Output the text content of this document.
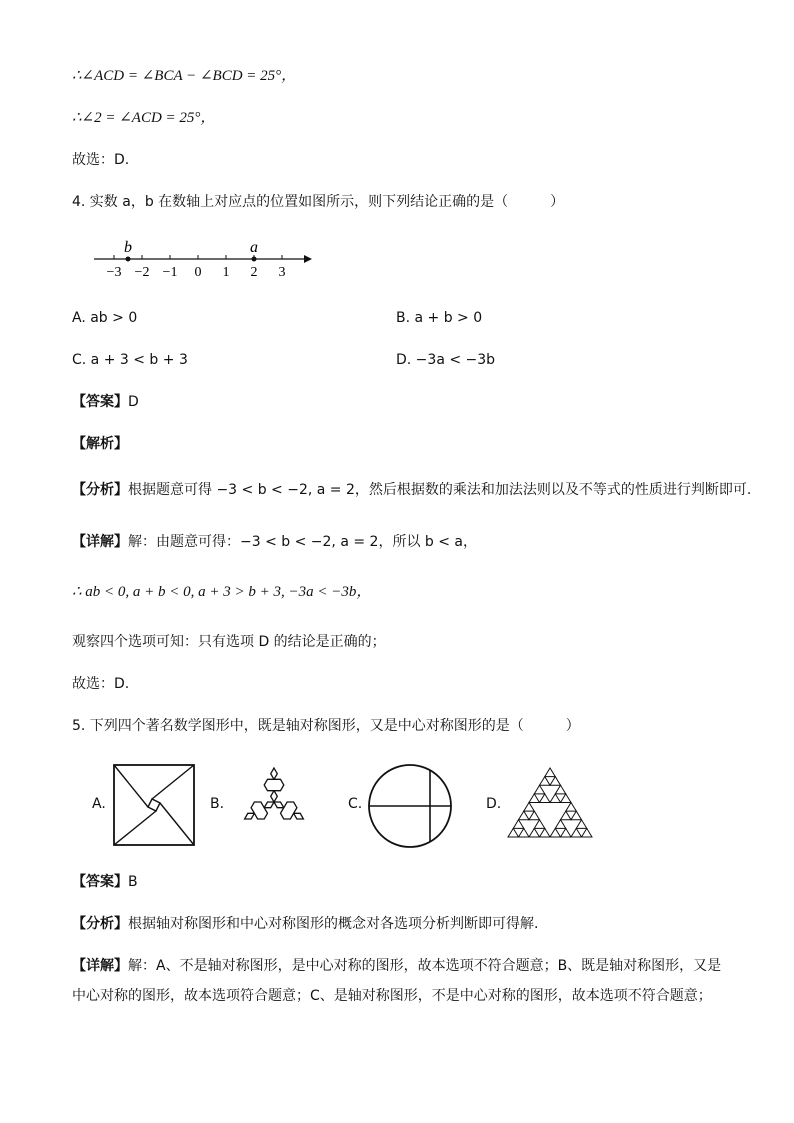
∴∠ACD = ∠BCA − ∠BCD = 25°，
∴∠2 = ∠ACD = 25°，
故选：D.
4. 实数 a，b 在数轴上对应点的位置如图所示，则下列结论正确的是（　　　）
−3 −2 −1 0 1 2 3
b	a
A. ab > 0	B. a + b > 0
C. a + 3 < b + 3	D. −3a < −3b
【答案】D
【解析】
【分析】根据题意可得 −3 < b < −2, a = 2，然后根据数的乘法和加法法则以及不等式的性质进行判断即可.
【详解】解：由题意可得：−3 < b < −2, a = 2，所以 b < a，
∴ ab < 0, a + b < 0, a + 3 > b + 3, −3a < −3b，
观察四个选项可知：只有选项 D 的结论是正确的；
故选：D.
5. 下列四个著名数学图形中，既是轴对称图形，又是中心对称图形的是（　　　）
A.	B.	C.	D.
【答案】B
【分析】根据轴对称图形和中心对称图形的概念对各选项分析判断即可得解.
【详解】解：A、不是轴对称图形，是中心对称的图形，故本选项不符合题意；B、既是轴对称图形，又是
中心对称的图形，故本选项符合题意；C、是轴对称图形，不是中心对称的图形，故本选项不符合题意；
